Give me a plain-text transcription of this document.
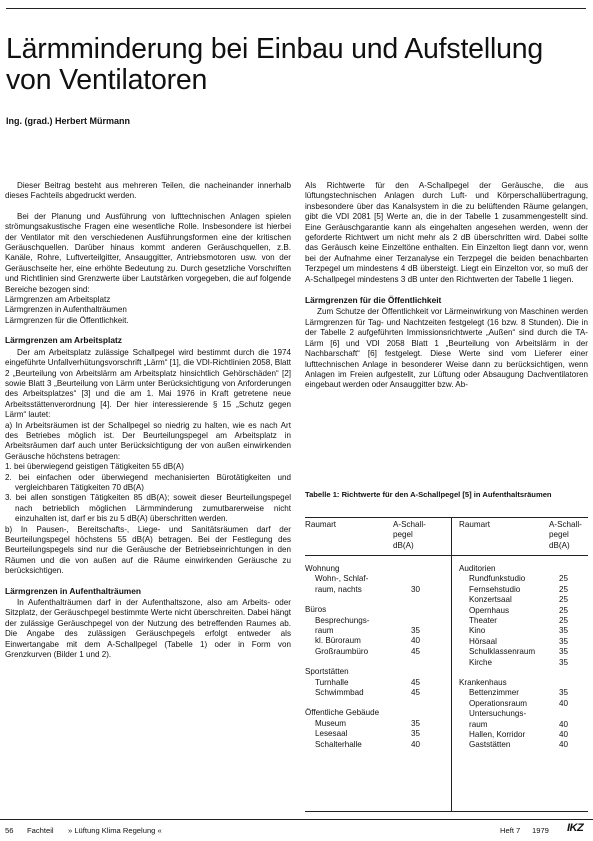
Lärmminderung bei Einbau und Aufstellung
von Ventilatoren
Ing. (grad.) Herbert Mürmann

Dieser Beitrag besteht aus mehreren Teilen, die nacheinander innerhalb dieses Fachteils abgedruckt werden.

Bei der Planung und Ausführung von lufttechnischen Anlagen spielen strömungsakustische Fragen eine wesentliche Rolle. Insbesondere ist hierbei der Ventilator mit den verschiedenen Ausführungsformen eine der kritischen Geräuschquellen. Darüber hinaus kommt anderen Geräuschquellen, z.B. Kanäle, Rohre, Luftverteilgitter, Ansauggitter, Antriebsmotoren usw. von der Geräuschseite her, eine erhöhte Bedeutung zu. Durch gesetzliche Vorschriften und Richtlinien sind Grenzwerte über Lautstärken vorgegeben, die auf folgende Bereiche bezogen sind:

Lärmgrenzen am Arbeitsplatz

Lärmgrenzen in Aufenthalträumen

Lärmgrenzen für die Öffentlichkeit.

Lärmgrenzen am Arbeitsplatz

Der am Arbeitsplatz zulässige Schallpegel wird bestimmt durch die 1974 eingeführte Unfallverhütungsvorschrift „Lärm“ [1], die VDI-Richtlinien 2058, Blatt 2 „Beurteilung von Arbeitslärm am Arbeitsplatz hinsichtlich Gehörschäden“ [2] sowie Blatt 3 „Beurteilung von Lärm unter Berücksichtigung von Anforderungen des Arbeitsplatzes“ [3] und die am 1. Mai 1976 in Kraft getretene neue Arbeitsstättenverordnung [4]. Der hier interessierende § 15 „Schutz gegen Lärm“ lautet:

a) In Arbeitsräumen ist der Schallpegel so niedrig zu halten, wie es nach Art des Betriebes möglich ist. Der Beurteilungspegel am Arbeitsplatz in Arbeitsräumen darf auch unter Berücksichtigung der von außen einwirkenden Geräusche höchstens betragen:

1. bei überwiegend geistigen Tätigkeiten 55 dB(A)

2. bei einfachen oder überwiegend mechanisierten Bürotätigkeiten und vergleichbaren Tätigkeiten 70 dB(A)

3. bei allen sonstigen Tätigkeiten 85 dB(A); soweit dieser Beurteilungspegel nach betrieblich möglichen Lärmminderung zumutbarerweise nicht einzuhalten ist, darf er bis zu 5 dB(A) überschritten werden.

b) In Pausen-, Bereitschafts-, Liege- und Sanitätsräumen darf der Beurteilungspegel höchstens 55 dB(A) betragen. Bei der Festlegung des Beurteilungspegels sind nur die Geräusche der Betriebseinrichtungen in den Räumen und die von außen auf die Räume einwirkenden Geräusche zu berücksichtigen.

Lärmgrenzen in Aufenthalträumen

In Aufenthalträumen darf in der Aufenthaltszone, also am Arbeits- oder Sitzplatz, der Geräuschpegel bestimmte Werte nicht überschreiten. Dabei hängt der zulässige Geräuschpegel von der Nutzung des betreffenden Raumes ab. Die Angabe des zulässigen Geräuschpegels erfolgt entweder als Einwertangabe mit dem A-Schallpegel (Tabelle 1) oder in Form von Grenzkurven (Bilder 1 und 2).

Als Richtwerte für den A-Schallpegel der Geräusche, die aus lüftungstechnischen Anlagen durch Luft- und Körperschallübertragung, insbesondere über das Kanalsystem in die zu belüftenden Räume gelangen, gibt die VDI 2081 [5] Werte an, die in der Tabelle 1 zusammengestellt sind. Eine Geräuschgarantie kann als eingehalten angesehen werden, wenn der geforderte Richtwert um nicht mehr als 2 dB überschritten wird. Dabei sollte das Geräusch keine Einzeltöne enthalten. Ein Einzelton liegt dann vor, wenn bei der Aufnahme einer Terzanalyse ein Terzpegel die beiden benachbarten Terzpegel um mindestens 4 dB übersteigt. Liegt ein Einzelton vor, so muß der A-Schallpegel mindestens 3 dB unter den Richtwerten der Tabelle 1 liegen.

Lärmgrenzen für die Öffentlichkeit

Zum Schutze der Öffentlichkeit vor Lärmeinwirkung von Maschinen werden Lärmgrenzen für Tag- und Nachtzeiten festgelegt (16 bzw. 8 Stunden). Die in der Tabelle 2 aufgeführten Immissionsrichtwerte „Außen“ sind durch die TA-Lärm [6] und VDI 2058 Blatt 1 „Beurteilung von Arbeitslärm in der Nachbarschaft“ [6] festgelegt. Diese Werte sind vom Lieferer einer lufttechnischen Anlage in besonderer Weise dann zu berücksichtigen, wenn Anlagen im Freien aufgestellt, zur Lüftung oder Absaugung Dachventilatoren eingebaut werden oder Ansauggitter bzw. Ab-

Tabelle 1: Richtwerte für den A-Schallpegel [5] in Aufenthaltsräumen
Raumart	A-Schall-
pegel
dB(A)
Raumart	A-Schall-
pegel
dB(A)
Wohnung
Wohn-, Schlaf-
raum, nachts	30
Büros
Besprechungs-
raum	35
kl. Büroraum	40
Großraumbüro	45
Sportstätten
Turnhalle	45
Schwimmbad	45
Öffentliche Gebäude
Museum	35
Lesesaal	35
Schalterhalle	40
Auditorien
Rundfunkstudio	25
Fernsehstudio	25
Konzertsaal	25
Opernhaus	25
Theater	25
Kino	35
Hörsaal	35
Schulklassenraum	35
Kirche	35
Krankenhaus
Bettenzimmer	35
Operationsraum	40
Untersuchungs-
raum	40
Hallen, Korridor	40
Gaststätten	40
56 Fachteil » Lüftung Klima Regelung «	Heft 7 1979 IKZ
